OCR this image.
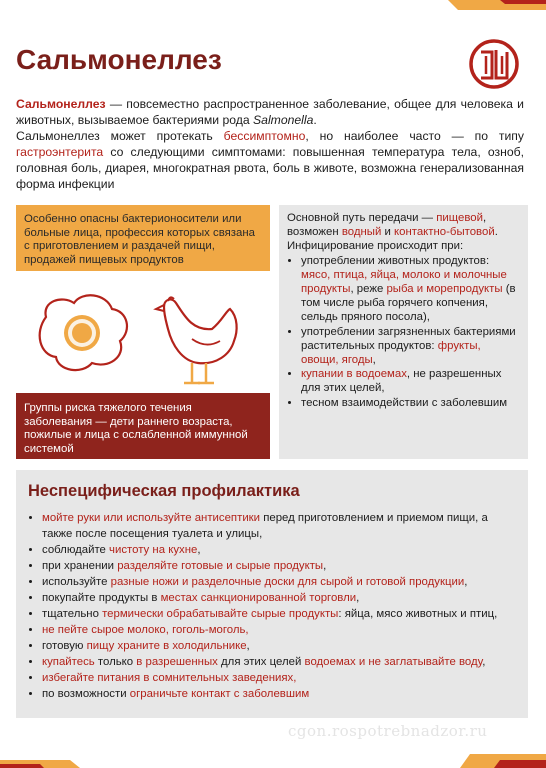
Сальмонеллез

Сальмонеллез — повсеместно распространенное заболевание, общее для человека и животных, вызываемое бактериями рода Salmonella.

Сальмонеллез может протекать бессимптомно, но наиболее часто — по типу гастроэнтерита со следующими симптомами: повышенная температура тела, озноб, головная боль, диарея, многократная рвота, боль в животе, возможна генерализованная форма инфекции

Особенно опасны бактерионосители или больные лица, профессия которых связана с приготовлением и раздачей пищи, продажей пищевых продуктов
Группы риска тяжелого течения заболевания — дети раннего возраста, пожилые и лица с ослабленной иммунной системой

Основной путь передачи — пищевой, возможен водный и контактно-бытовой.

Инфицирование происходит при:

• употреблении животных продуктов: мясо, птица, яйца, молоко и молочные продукты, реже рыба и морепродукты (в том числе рыба горячего копчения, сельдь пряного посола),
• употреблении загрязненных бактериями растительных продуктов: фрукты, овощи, ягоды,
• купании в водоемах, не разрешенных для этих целей,
• тесном взаимодействии с заболевшим
Неспецифическая профилактика
• мойте руки или используйте антисептики перед приготовлением и приемом пищи, а также после посещения туалета и улицы,
• соблюдайте чистоту на кухне,
• при хранении разделяйте готовые и сырые продукты,
• используйте разные ножи и разделочные доски для сырой и готовой продукции,
• покупайте продукты в местах санкционированной торговли,
• тщательно термически обрабатывайте сырые продукты: яйца, мясо животных и птиц,
• не пейте сырое молоко, гоголь-моголь,
• готовую пищу храните в холодильнике,
• купайтесь только в разрешенных для этих целей водоемах и не заглатывайте воду,
• избегайте питания в сомнительных заведениях,
• по возможности ограничьте контакт с заболевшим
cgon.rospotrebnadzor.ru
